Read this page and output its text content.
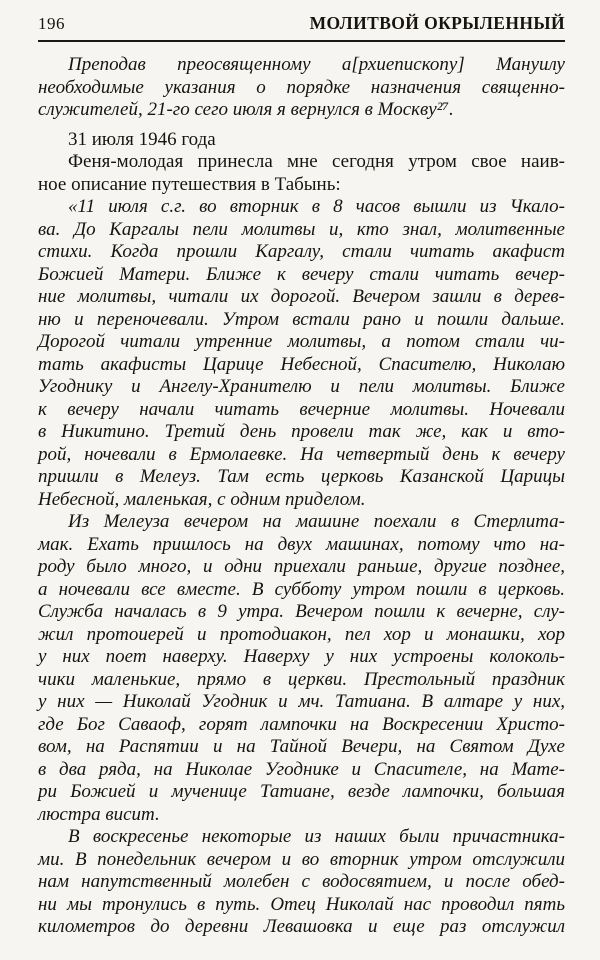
196	МОЛИТВОЙ ОКРЫЛЕННЫЙ
Преподав преосвященному а[рхиепископу] Мануилу
необходимые указания о порядке назначения священно-
служителей, 21-го сего июля я вернулся в Москву²⁷.
31 июля 1946 года
Феня-молодая принесла мне сегодня утром свое наив-
ное описание путешествия в Табынь:
«11 июля с.г. во вторник в 8 часов вышли из Чкало-
ва. До Каргалы пели молитвы и, кто знал, молитвенные
стихи. Когда прошли Каргалу, стали читать акафист
Божией Матери. Ближе к вечеру стали читать вечер-
ние молитвы, читали их дорогой. Вечером зашли в дерев-
ню и переночевали. Утром встали рано и пошли дальше.
Дорогой читали утренние молитвы, а потом стали чи-
тать акафисты Царице Небесной, Спасителю, Николаю
Угоднику и Ангелу-Хранителю и пели молитвы. Ближе
к вечеру начали читать вечерние молитвы. Ночевали
в Никитино. Третий день провели так же, как и вто-
рой, ночевали в Ермолаевке. На четвертый день к вечеру
пришли в Мелеуз. Там есть церковь Казанской Царицы
Небесной, маленькая, с одним приделом.
Из Мелеуза вечером на машине поехали в Стерлита-
мак. Ехать пришлось на двух машинах, потому что на-
роду было много, и одни приехали раньше, другие позднее,
а ночевали все вместе. В субботу утром пошли в церковь.
Служба началась в 9 утра. Вечером пошли к вечерне, слу-
жил протоиерей и протодиакон, пел хор и монашки, хор
у них поет наверху. Наверху у них устроены колоколь-
чики маленькие, прямо в церкви. Престольный праздник
у них — Николай Угодник и мч. Татиана. В алтаре у них,
где Бог Саваоф, горят лампочки на Воскресении Христо-
вом, на Распятии и на Тайной Вечери, на Святом Духе
в два ряда, на Николае Угоднике и Спасителе, на Мате-
ри Божией и мученице Татиане, везде лампочки, большая
люстра висит.
В воскресенье некоторые из наших были причастника-
ми. В понедельник вечером и во вторник утром отслужили
нам напутственный молебен с водосвятием, и после обед-
ни мы тронулись в путь. Отец Николай нас проводил пять
километров до деревни Левашовка и еще раз отслужил
